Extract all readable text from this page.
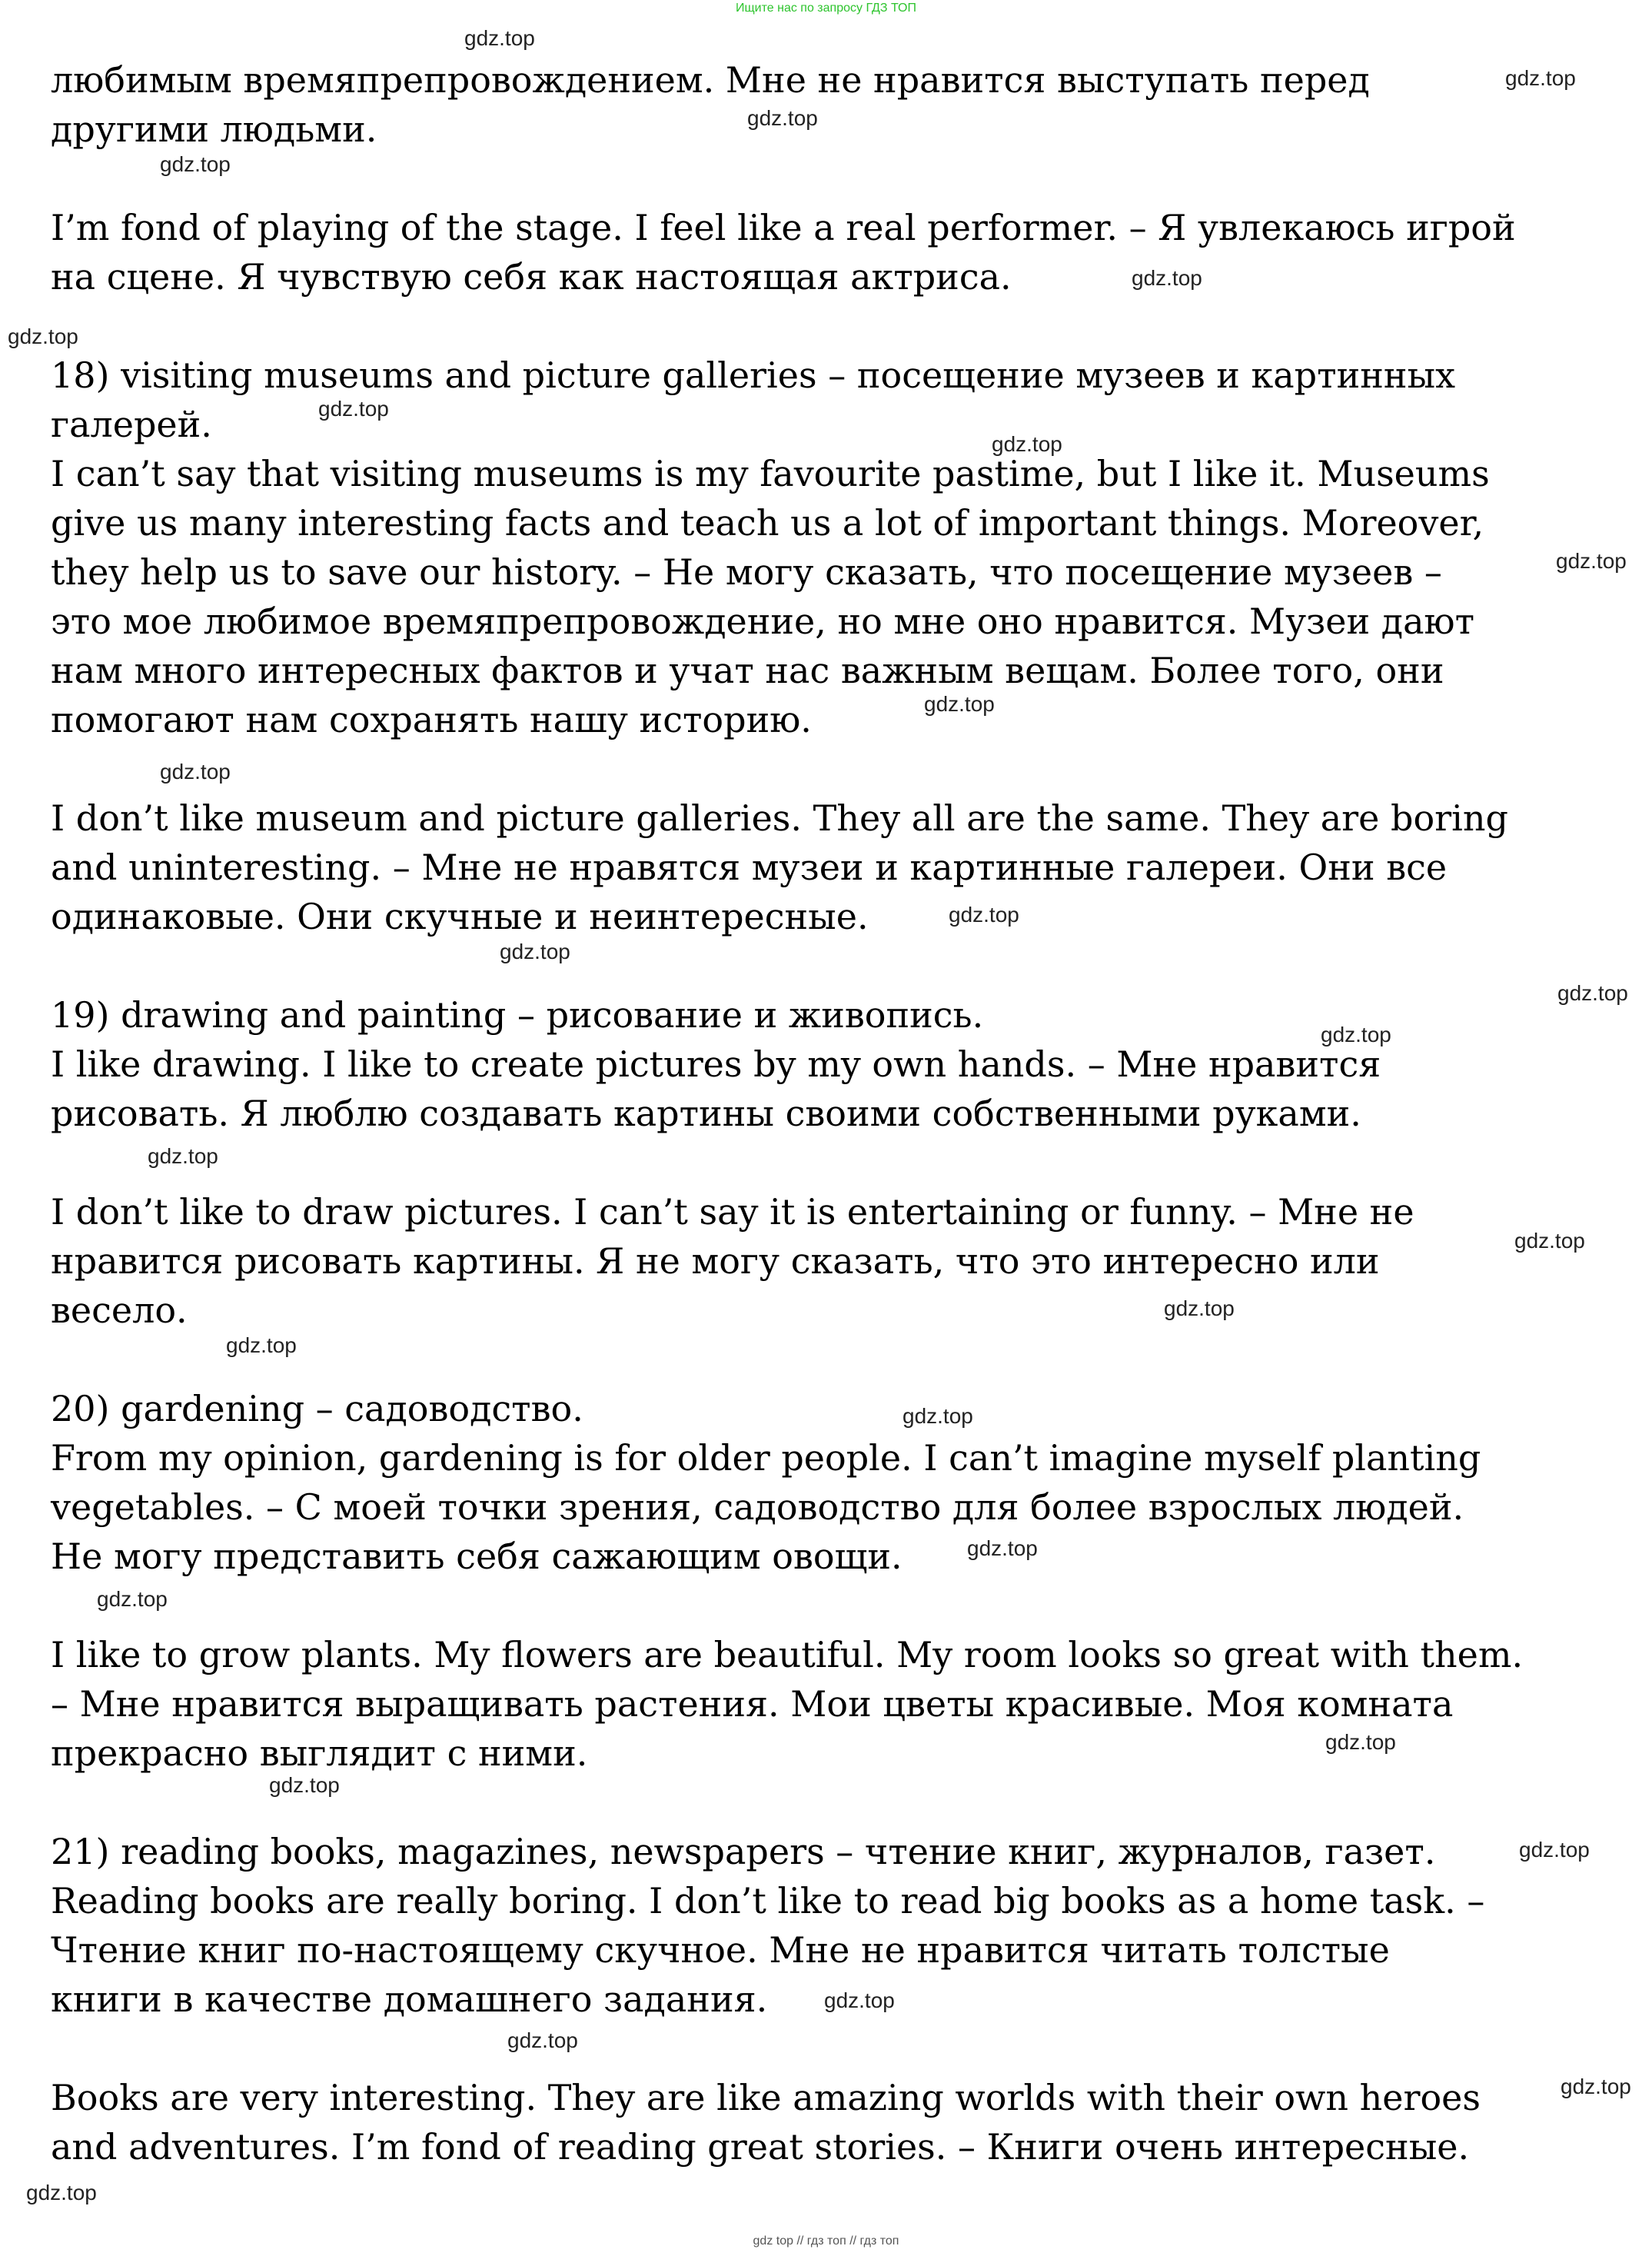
Ищите нас по запросу ГДЗ ТОП
любимым времяпрепровождением. Мне не нравится выступать перед
другими людьми.
I’m fond of playing of the stage. I feel like a real performer. – Я увлекаюсь игрой
на сцене. Я чувствую себя как настоящая актриса.
18) visiting museums and picture galleries – посещение музеев и картинных
галерей.
I can’t say that visiting museums is my favourite pastime, but I like it. Museums
give us many interesting facts and teach us a lot of important things. Moreover,
they help us to save our history. – Не могу сказать, что посещение музеев –
это мое любимое времяпрепровождение, но мне оно нравится. Музеи дают
нам много интересных фактов и учат нас важным вещам. Более того, они
помогают нам сохранять нашу историю.
I don’t like museum and picture galleries. They all are the same. They are boring
and uninteresting. – Мне не нравятся музеи и картинные галереи. Они все
одинаковые. Они скучные и неинтересные.
19) drawing and painting – рисование и живопись.
I like drawing. I like to create pictures by my own hands. – Мне нравится
рисовать. Я люблю создавать картины своими собственными руками.
I don’t like to draw pictures. I can’t say it is entertaining or funny. – Мне не
нравится рисовать картины. Я не могу сказать, что это интересно или
весело.
20) gardening – садоводство.
From my opinion, gardening is for older people. I can’t imagine myself planting
vegetables. – С моей точки зрения, садоводство для более взрослых людей.
Не могу представить себя сажающим овощи.
I like to grow plants. My flowers are beautiful. My room looks so great with them.
– Мне нравится выращивать растения. Мои цветы красивые. Моя комната
прекрасно выглядит с ними.
21) reading books, magazines, newspapers – чтение книг, журналов, газет.
Reading books are really boring. I don’t like to read big books as a home task. –
Чтение книг по-настоящему скучное. Мне не нравится читать толстые
книги в качестве домашнего задания.
Books are very interesting. They are like amazing worlds with their own heroes
and adventures. I’m fond of reading great stories. – Книги очень интересные.
gdz.top
gdz.top
gdz.top
gdz.top
gdz.top
gdz.top
gdz.top
gdz.top
gdz.top
gdz.top
gdz.top
gdz.top
gdz.top
gdz.top
gdz.top
gdz.top
gdz.top
gdz.top
gdz.top
gdz.top
gdz.top
gdz.top
gdz.top
gdz.top
gdz.top
gdz.top
gdz.top
gdz.top
gdz.top
gdz top // гдз топ // гдз топ
